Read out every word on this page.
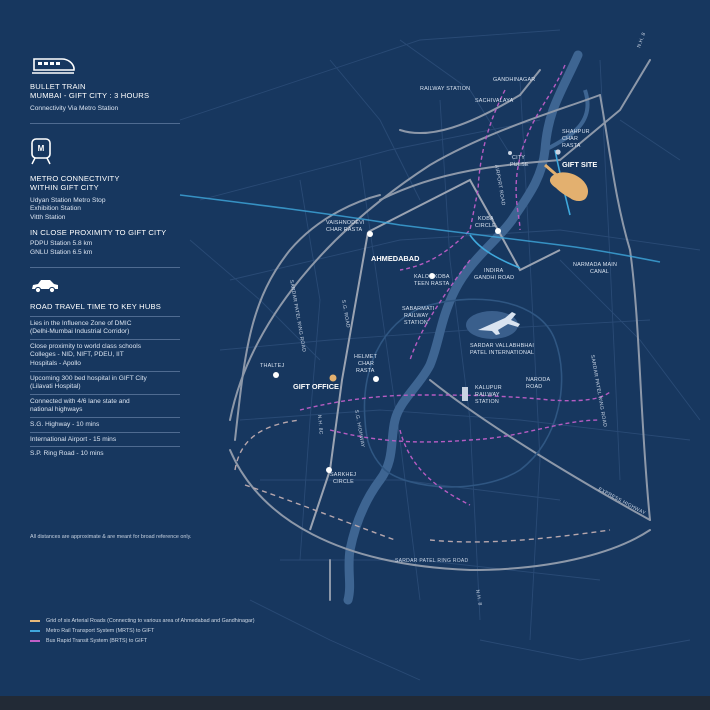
N.H. 8
SARDAR PATEL RING ROAD	S.G. ROAD
SARDAR PATEL RING ROAD
N.H. 8C	S.G. HIGHWAY
EXPRESS HIGHWAY
SARDAR PATEL RING ROAD
N.H. 8
AIRPORT ROAD
GANDHINAGAR
RAILWAY STATION
SACHIVALAYA
SHAHPUR
CHAR
RASTA
GIFT SITE
CITY
PULSE
VAISHNODEVI
CHAR RASTA
KOBA
CIRCLE
AHMEDABAD
KALOL KOBA
TEEN RASTA
INDIRA
GANDHI ROAD
NARMADA MAIN
CANAL
SABARMATI
RAILWAY
STATION
SARDAR VALLABHBHAI
PATEL INTERNATIONAL
THALTEJ
HELMET
CHAR
RASTA
GIFT OFFICE	KALUPUR
RAILWAY
STATION
NARODA
ROAD
SARKHEJ
CIRCLE
BULLET TRAIN
MUMBAI - GIFT CITY : 3 HOURS
Connectivity Via Metro Station
M
METRO CONNECTIVITY
WITHIN GIFT CITY
Udyan Station Metro Stop
Exhibition Station
Vitth Station
IN CLOSE PROXIMITY TO GIFT CITY
PDPU Station 5.8 km
GNLU Station 6.5 km
ROAD TRAVEL TIME TO KEY HUBS
Lies in the Influence Zone of DMIC
(Delhi-Mumbai Industrial Corridor)
Close proximity to world class schools
Colleges - NID, NIFT, PDEU, IIT
Hospitals - Apollo
Upcoming 300 bed hospital in GIFT City
(Lilavati Hospital)
Connected with 4/6 lane state and
national highways
S.G. Highway - 10 mins
International Airport - 15 mins
S.P. Ring Road - 10 mins
All distances are approximate & are meant for broad reference only.
Grid of six Arterial Roads (Connecting to various area of Ahmedabad and Gandhinagar)
Metro Rail Transport System (MRTS) to GIFT
Bus Rapid Transit System (BRTS) to GIFT
